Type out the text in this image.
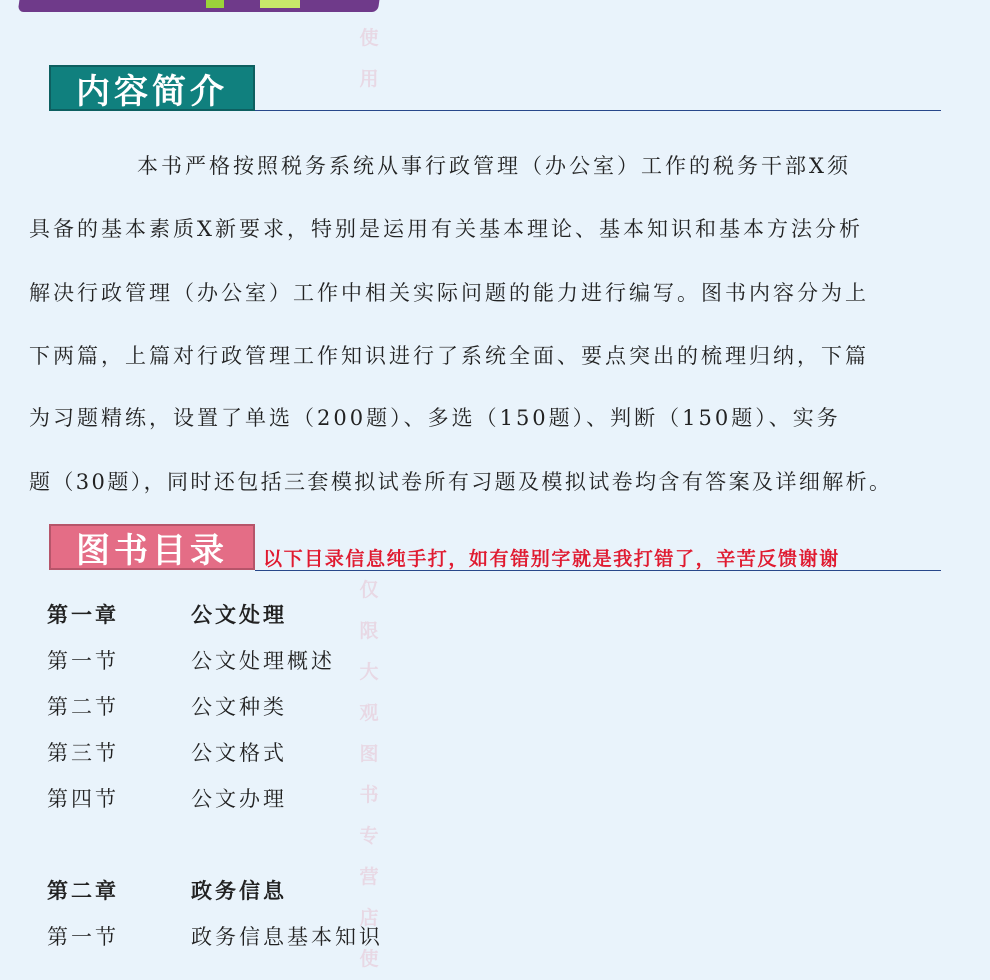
使
用
仅
限
大
观
图
书
专
营
店
使
内容简介
本书严格按照税务系统从事行政管理（办公室）工作的税务干部X须
具备的基本素质X新要求，特别是运用有关基本理论、基本知识和基本方法分析
解决行政管理（办公室）工作中相关实际问题的能力进行编写。图书内容分为上
下两篇，上篇对行政管理工作知识进行了系统全面、要点突出的梳理归纳，下篇
为习题精练，设置了单选（200题）、多选（150题）、判断（150题）、实务
题（30题），同时还包括三套模拟试卷所有习题及模拟试卷均含有答案及详细解析。
图书目录	以下目录信息纯手打，如有错别字就是我打错了，辛苦反馈谢谢
第一章	公文处理
第一节	公文处理概述
第二节	公文种类
第三节	公文格式
第四节	公文办理
第二章	政务信息
第一节	政务信息基本知识
